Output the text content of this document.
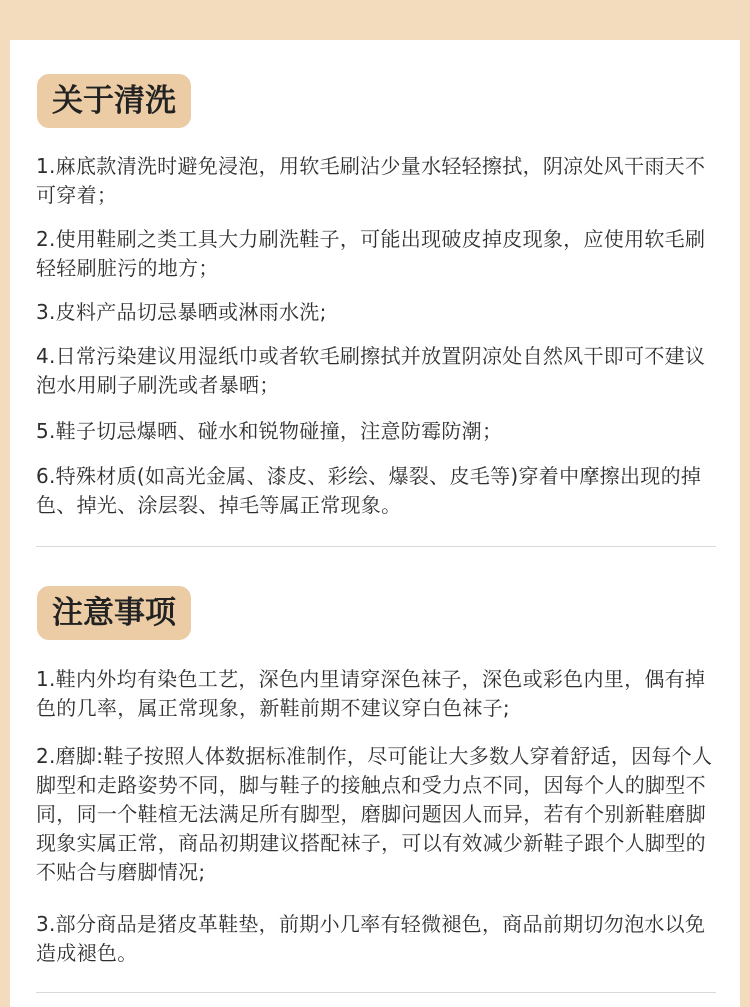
关于清洗
1.麻底款清洗时避免浸泡，用软毛刷沾少量水轻轻擦拭，阴凉处风干雨天不可穿着；
2.使用鞋刷之类工具大力刷洗鞋子，可能出现破皮掉皮现象，应使用软毛刷轻轻刷脏污的地方；
3.皮料产品切忌暴晒或淋雨水洗;
4.日常污染建议用湿纸巾或者软毛刷擦拭并放置阴凉处自然风干即可不建议泡水用刷子刷洗或者暴晒；
5.鞋子切忌爆晒、碰水和锐物碰撞，注意防霉防潮；
6.特殊材质(如高光金属、漆皮、彩绘、爆裂、皮毛等)穿着中摩擦出现的掉色、掉光、涂层裂、掉毛等属正常现象。
注意事项
1.鞋内外均有染色工艺，深色内里请穿深色袜子，深色或彩色内里，偶有掉色的几率，属正常现象，新鞋前期不建议穿白色袜子;
2.磨脚:鞋子按照人体数据标准制作，尽可能让大多数人穿着舒适，因每个人脚型和走路姿势不同，脚与鞋子的接触点和受力点不同，因每个人的脚型不同，同一个鞋楦无法满足所有脚型，磨脚问题因人而异，若有个别新鞋磨脚现象实属正常，商品初期建议搭配袜子，可以有效减少新鞋子跟个人脚型的不贴合与磨脚情况;
3.部分商品是猪皮革鞋垫，前期小几率有轻微褪色，商品前期切勿泡水以免造成褪色。
